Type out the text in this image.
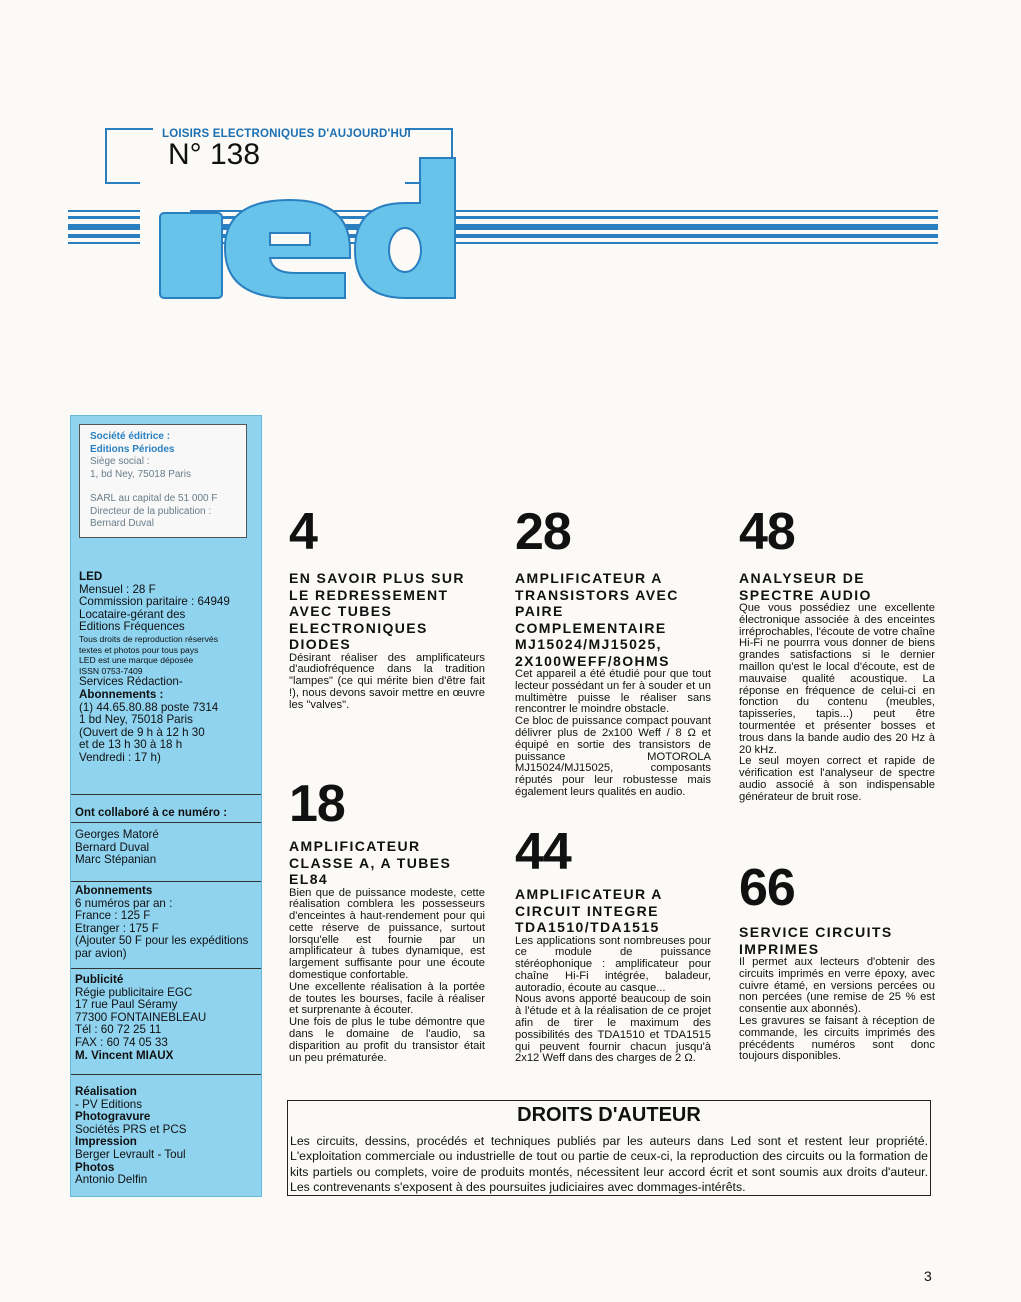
LOISIRS ELECTRONIQUES D'AUJOURD'HUI
N° 138
Société éditrice :
Editions Périodes
Siège social :
1, bd Ney, 75018 Paris
SARL au capital de 51 000 F
Directeur de la publication :
Bernard Duval
LED
Mensuel : 28 F
Commission paritaire : 64949
Locataire-gérant des
Editions Fréquences
Tous droits de reproduction réservés
textes et photos pour tous pays
LED est une marque déposée
ISSN 0753-7409
Services Rédaction-
Abonnements :
(1) 44.65.80.88 poste 7314
1 bd Ney, 75018 Paris
(Ouvert de 9 h à 12 h 30
et de 13 h 30 à 18 h
Vendredi : 17 h)
Ont collaboré à ce numéro :
Georges Matoré
Bernard Duval
Marc Stépanian
Abonnements
6 numéros par an :
France : 125 F
Etranger : 175 F
(Ajouter 50 F pour les expéditions
par avion)
Publicité
Régie publicitaire EGC
17 rue Paul Séramy
77300 FONTAINEBLEAU
Tél : 60 72 25 11
FAX : 60 74 05 33
M. Vincent MIAUX
Réalisation
- PV Editions
Photogravure
Sociétés PRS et PCS
Impression
Berger Levrault - Toul
Photos
Antonio Delfin
4
EN SAVOIR PLUS SUR LE REDRESSEMENT AVEC TUBES ELECTRONIQUES DIODES

Désirant réaliser des amplificateurs d'audiofréquence dans la tradition "lampes" (ce qui mérite bien d'être fait !), nous devons savoir mettre en œuvre les "valves".

18
AMPLIFICATEUR CLASSE A, A TUBES EL84

Bien que de puissance modeste, cette réalisation comblera les possesseurs d'enceintes à haut-rendement pour qui cette réserve de puissance, surtout lorsqu'elle est fournie par un amplificateur à tubes dynamique, est largement suffisante pour une écoute domestique confortable.

Une excellente réalisation à la portée de toutes les bourses, facile à réaliser et surprenante à écouter.

Une fois de plus le tube démontre que dans le domaine de l'audio, sa disparition au profit du transistor était un peu prématurée.

28
AMPLIFICATEUR A TRANSISTORS AVEC PAIRE COMPLEMENTAIRE MJ15024/MJ15025, 2X100WEFF/8OHMS

Cet appareil a été étudié pour que tout lecteur possédant un fer à souder et un multimètre puisse le réaliser sans rencontrer le moindre obstacle.

Ce bloc de puissance compact pouvant délivrer plus de 2x100 Weff / 8 Ω et équipé en sortie des transistors de puissance MOTOROLA MJ15024/MJ15025, composants réputés pour leur robustesse mais également leurs qualités en audio.

44
AMPLIFICATEUR A CIRCUIT INTEGRE TDA1510/TDA1515

Les applications sont nombreuses pour ce module de puissance stéréophonique : amplificateur pour chaîne Hi-Fi intégrée, baladeur, autoradio, écoute au casque...

Nous avons apporté beaucoup de soin à l'étude et à la réalisation de ce projet afin de tirer le maximum des possibilités des TDA1510 et TDA1515 qui peuvent fournir chacun jusqu'à 2x12 Weff dans des charges de 2 Ω.

48
ANALYSEUR DE SPECTRE AUDIO

Que vous possédiez une excellente électronique associée à des enceintes irréprochables, l'écoute de votre chaîne Hi-Fi ne pourrra vous donner de biens grandes satisfactions si le dernier maillon qu'est le local d'écoute, est de mauvaise qualité acoustique. La réponse en fréquence de celui-ci en fonction du contenu (meubles, tapisseries, tapis...) peut être tourmentée et présenter bosses et trous dans la bande audio des 20 Hz à 20 kHz.

Le seul moyen correct et rapide de vérification est l'analyseur de spectre audio associé à son indispensable générateur de bruit rose.

66
SERVICE CIRCUITS IMPRIMES

Il permet aux lecteurs d'obtenir des circuits imprimés en verre époxy, avec cuivre étamé, en versions percées ou non percées (une remise de 25 % est consentie aux abonnés).

Les gravures se faisant à réception de commande, les circuits imprimés des précédents numéros sont donc toujours disponibles.

DROITS D'AUTEUR
Les circuits, dessins, procédés et techniques publiés par les auteurs dans Led sont et restent leur propriété. L'exploitation commerciale ou industrielle de tout ou partie de ceux-ci, la reproduction des circuits ou la formation de kits partiels ou complets, voire de produits montés, nécessitent leur accord écrit et sont soumis aux droits d'auteur. Les contrevenants s'exposent à des poursuites judiciaires avec dommages-intérêts.
3
